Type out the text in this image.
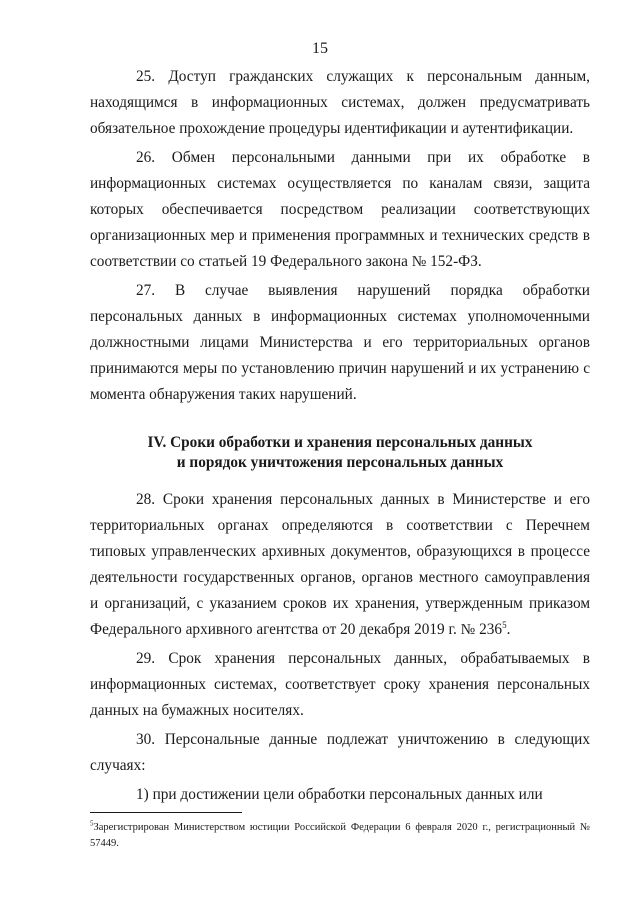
15

25. Доступ гражданских служащих к персональным данным, находящимся в информационных системах, должен предусматривать обязательное прохождение процедуры идентификации и аутентификации.

26. Обмен персональными данными при их обработке в информационных системах осуществляется по каналам связи, защита которых обеспечивается посредством реализации соответствующих организационных мер и применения программных и технических средств в соответствии со статьей 19 Федерального закона № 152-ФЗ.

27. В случае выявления нарушений порядка обработки персональных данных в информационных системах уполномоченными должностными лицами Министерства и его территориальных органов принимаются меры по установлению причин нарушений и их устранению с момента обнаружения таких нарушений.

IV. Сроки обработки и хранения персональных данных
и порядок уничтожения персональных данных

28. Сроки хранения персональных данных в Министерстве и его территориальных органах определяются в соответствии с Перечнем типовых управленческих архивных документов, образующихся в процессе деятельности государственных органов, органов местного самоуправления и организаций, с указанием сроков их хранения, утвержденным приказом Федерального архивного агентства от 20 декабря 2019 г. № $236^5$.

29. Срок хранения персональных данных, обрабатываемых в информационных системах, соответствует сроку хранения персональных данных на бумажных носителях.

30. Персональные данные подлежат уничтожению в следующих случаях:

1) при достижении цели обработки персональных данных или

$^5$Зарегистрирован Министерством юстиции Российской Федерации 6 февраля 2020 г., регистрационный № 57449.
